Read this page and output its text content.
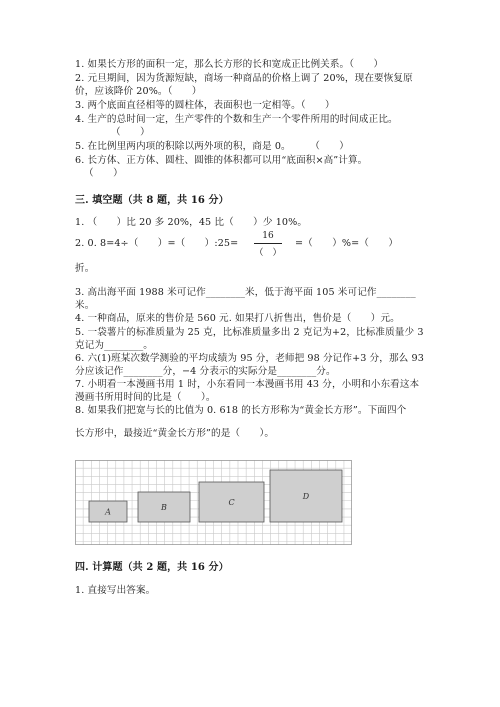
1. 如果长方形的面积一定，那么长方形的长和宽成正比例关系。（　　）
2. 元旦期间，因为货源短缺，商场一种商品的价格上调了 20%，现在要恢复原
价，应该降价 20%。（　　）
3. 两个底面直径相等的圆柱体，表面积也一定相等。（　　）
4. 生产的总时间一定，生产零件的个数和生产一个零件所用的时间成正比。
（　　）
5. 在比例里两内项的积除以两外项的积，商是 0。　　　（　　）
6. 长方体、正方体、圆柱、圆锥的体积都可以用“底面积×高”计算。
（　　）
三. 填空题（共 8 题，共 16 分）
1. （　　）比 20 多 20%，45 比（　　）少 10%。
2. 0. 8=4÷（　　）=（　　）:25=
16
（　）
=（　　）%=（　　）
折。
3. 高出海平面 1988 米可记作________米，低于海平面 105 米可记作________
米。
4. 一种商品，原来的售价是 560 元. 如果打八折售出，售价是（　　）元。
5. 一袋薯片的标准质量为 25 克，比标准质量多出 2 克记为+2，比标准质量少 3
克记为________。
6. 六(1)班某次数学测验的平均成绩为 95 分，老师把 98 分记作+3 分，那么 93
分应该记作________分，−4 分表示的实际分是________分。
7. 小明看一本漫画书用 1 时，小东看同一本漫画书用 43 分，小明和小东看这本
漫画书所用时间的比是（　　）。
8. 如果我们把宽与长的比值为 0. 618 的长方形称为“黄金长方形”。下面四个
长方形中，最接近“黄金长方形”的是（　　）。
A	B
C
D
四. 计算题（共 2 题，共 16 分）
1. 直接写出答案。
